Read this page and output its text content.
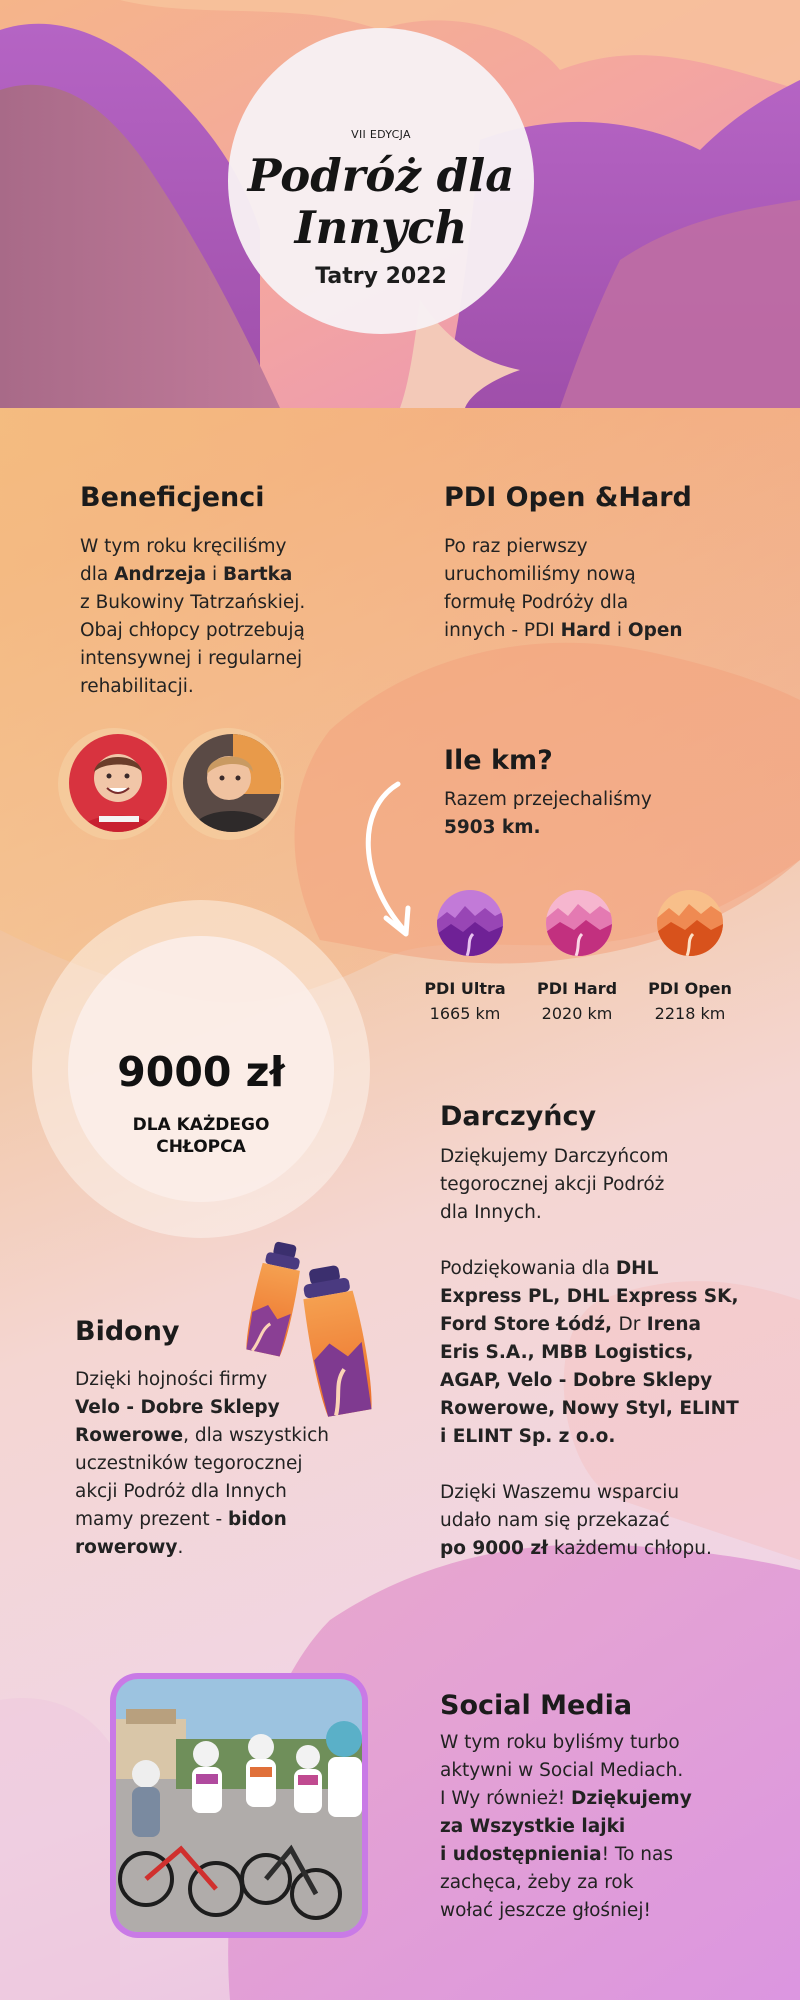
VII EDYCJA
Podróż dla
Innych
Tatry 2022
Beneficjenci
W tym roku kręciliśmy
dla Andrzeja i Bartka
z Bukowiny Tatrzańskiej.
Obaj chłopcy potrzebują
intensywnej i regularnej
rehabilitacji.
PDI Open &Hard
Po raz pierwszy
uruchomiliśmy nową
formułę Podróży dla
innych - PDI Hard i Open
Ile km?
Razem przejechaliśmy
5903 km.
PDI Ultra
1665 km
PDI Hard
2020 km
PDI Open
2218 km
9000 zł
DLA KAŻDEGO
CHŁOPCA
Darczyńcy
Dziękujemy Darczyńcom
tegorocznej akcji Podróż
dla Innych.
Podziękowania dla DHL
Express PL, DHL Express SK,
Ford Store Łódź, Dr Irena
Eris S.A., MBB Logistics,
AGAP, Velo - Dobre Sklepy
Rowerowe, Nowy Styl, ELINT
i ELINT Sp. z o.o.
Dzięki Waszemu wsparciu
udało nam się przekazać
po 9000 zł każdemu chłopu.
Bidony
Dzięki hojności firmy
Velo - Dobre Sklepy
Rowerowe, dla wszystkich
uczestników tegorocznej
akcji Podróż dla Innych
mamy prezent - bidon
rowerowy.
Social Media
W tym roku byliśmy turbo
aktywni w Social Mediach.
I Wy również! Dziękujemy
za Wszystkie lajki
i udostępnienia! To nas
zachęca, żeby za rok
wołać jeszcze głośniej!
